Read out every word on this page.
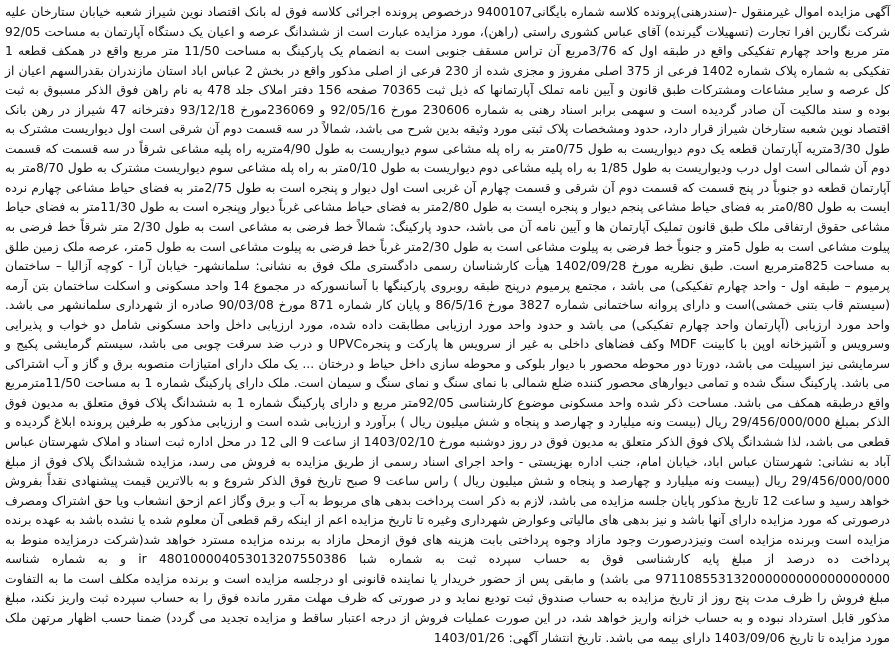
آگهی مزایده اموال غیرمنقول -(سندرهنی)پرونده کلاسه شماره بایگانی9400107 درخصوص پرونده اجرائی کلاسه فوق له بانک اقتصاد نوین شیراز شعبه خیابان ستارخان علیه شرکت نگارین افرا تجارت (تسهیلات گیرنده) آقای عباس کشوری راستی (راهن)، مورد مزایده عبارت است از ششدانگ عرصه و اعیان یک دستگاه آپارتمان به مساحت 92/05 متر مربع واحد چهارم تفکیکی واقع در طبقه اول که 3/76مربع آن تراس مسقف جنوبی است به انضمام یک پارکینگ به مساحت 11/50 متر مربع واقع در همکف قطعه 1 تفکیکی به شماره پلاک شماره 1402 فرعی از 375 اصلی مفروز و مجزی شده از 230 فرعی از اصلی مذکور واقع در بخش 2 عباس اباد استان مازندران بقدرالسهم اعیان از کل عرصه و سایر مشاعات ومشترکات طبق قانون و آیین نامه تملک آپارتمانها که ذیل ثبت 70365 صفحه 156 دفتر املاک جلد 478 به نام راهن فوق الذکر مسبوق به ثبت بوده و سند مالکیت آن صادر گردیده است و سهمی برابر اسناد رهنی به شماره 230606 مورخ 92/05/16 و 236069مورخ 93/12/18 دفترخانه 47 شیراز در رهن بانک اقتصاد نوین شعبه ستارخان شیراز قرار دارد، حدود ومشخصات پلاک ثبتی مورد وثیقه بدین شرح می باشد، شمالاً در سه قسمت دوم آن شرقی است اول دیواریست مشترک به طول 3/30متریه آپارتمان قطعه یک دوم دیواریست به طول 0/75متر به راه پله مشاعی سوم دیواریست به طول 4/90متریه راه پلیه مشاعی شرقاً در سه قسمت که قسمت دوم آن شمالی است اول درب ودیواریست به طول 1/85 به راه پلیه مشاعی دوم دیواریست به طول 0/10متر به راه پله مشاعی سوم دیواریست مشترک به طول 8/70متر به آپارتمان قطعه دو جنوباً در پنج قسمت که قسمت دوم آن شرقی و قسمت چهارم آن غربی است اول دیوار و پنجره است به طول 2/75متر به فضای حیاط مشاعی چهارم نرده ایست به طول 0/80متر به فضای حیاط مشاعی پنجم دیوار و پنجره ایست به طول 2/80متر به فضای حیاط مشاعی غرباً دیوار وپنجره است به طول 11/30متر به فضای حیاط مشاعی حقوق ارتفاقی ملک طبق قانون تملیک آپارتمان ها و آیین نامه آن می باشد، حدود پارکینگ: شمالاً خط فرضی به مشاعی است به طول 2/30 متر شرقاً خط فرضی به پیلوت مشاعی است به طول 5متر و جنوباً خط فرضی به پیلوت مشاعی است به طول 2/30متر غرباً خط فرضی به پیلوت مشاعی است به طول 5متر، عرصه ملک زمین طلق به مساحت 825مترمربع است. طبق نظریه مورخ 1402/09/28 هیأت کارشناسان رسمی دادگستری ملک فوق به نشانی: سلمانشهر- خیابان آرا - کوچه آزالیا – ساختمان پرمیوم – طبقه اول - واحد چهارم تفکیکی) می باشد ، مجتمع پرمیوم درپنج طبقه روبروی پارکینگها با آسانسورکه در مجموع 14 واحد مسکونی و اسکلت ساختمان بتن آرمه (سیستم قاب بتنی خمشی)است و دارای پروانه ساختمانی شماره 3827 مورخ 86/5/16 و پایان کار شماره 871 مورخ 90/03/08 صادره از شهرداری سلمانشهر می باشد. واحد مورد ارزیابی (آپارتمان واحد چهارم تفکیکی) می باشد و حدود واحد مورد ارزیابی مطابقت داده شده، مورد ارزیابی داخل واحد مسکونی شامل دو خواب و پذیرایی وسرویس و آشپزخانه اوپن با کابینت MDF وکف فضاهای داخلی به غیر از سرویس ها پارکت و پنجرهUPVC و درب ضد سرقت چوبی می باشد، سیستم گرمایشی پکیج و سرمایشی نیز اسپیلت می باشد، دورتا دور محوطه محصور با دیوار بلوکی و محوطه سازی داخل حیاط و درختان ... یک ملک دارای امتیازات منصوبه برق و گاز و آب اشتراکی می باشد. پارکینگ سنگ شده و تمامی دیوارهای محصور کننده ضلع شمالی با نمای سنگ و نمای سنگ و سیمان است. ملک دارای پارکینگ شماره 1 به مساحت 11/50مترمربع واقع درطبقه همکف می باشد. مساحت ذکر شده واحد مسکونی موضوع کارشناسی 92/05متر مربع و دارای پارکینگ شماره 1 به ششدانگ پلاک فوق متعلق به مدیون فوق الذکر بمبلغ 29/456/000/000 ریال (بیست ونه میلیارد و چهارصد و پنجاه و شش میلیون ریال ) برآورد و ارزیابی شده است و ارزیابی مذکور به طرفین پرونده ابلاغ گردیده و قطعی می باشد، لذا ششدانگ پلاک فوق الذکر متعلق به مدیون فوق در روز دوشنبه مورخ 1403/02/10 از ساعت 9 الی 12 در محل اداره ثبت اسناد و املاک شهرستان عباس آباد به نشانی: شهرستان عباس اباد، خیابان امام، جنب اداره بهزیستی - واحد اجرای اسناد رسمی از طریق مزایده به فروش می رسد، مزایده ششدانگ پلاک فوق از مبلغ 29/456/000/000 ریال (بیست ونه میلیارد و چهارصد و پنجاه و شش میلیون ریال ) راس ساعت 9 صبح تاریخ فوق الذکر شروع و به بالاترین قیمت پیشنهادی نقداً بفروش خواهد رسید و ساعت 12 تاریخ مذکور پایان جلسه مزایده می باشد، لازم به ذکر است پرداخت بدهی های مربوط به آب و برق وگاز اعم ازحق انشعاب ویا حق اشتراک ومصرف درصورتی که مورد مزایده دارای آنها باشد و نیز بدهی های مالیاتی وعوارض شهرداری وغیره تا تاریخ مزایده اعم از اینکه رقم قطعی آن معلوم شده یا نشده باشد به عهده برنده مزایده است وبرنده مزایده است ونیزدرصورت وجود مازاد وجوه پرداختی بابت هزینه های فوق ازمحل مازاد به برنده مزایده مسترد خواهد شد(شرکت درمزایده منوط به پرداخت ده درصد از مبلغ پایه کارشناسی فوق به حساب سپرده ثبت به شماره شبا ir 480100004053013207550386 و به شماره شناسه 971108553132000000000000000000 می باشد) و مابقی پس از حضور خریدار یا نماینده قانونی او درجلسه مزایده است و برنده مزایده مکلف است ما به التفاوت مبلغ فروش را ظرف مدت پنج روز از تاریخ مزایده به حساب صندوق ثبت تودیع نماید و در صورتی که ظرف مهلت مقرر مانده فوق را به حساب سپرده ثبت واریز نکند، مبلغ مذکور قابل استرداد نبوده و به حساب خزانه واریز خواهد شد، در این صورت عملیات فروش از درجه اعتبار ساقط و مزایده تجدید می گردد) ضمنا حسب اظهار مرتهن ملک مورد مزایده تا تاریخ 1403/09/06 دارای بیمه می باشد. تاریخ انتشار آگهی: 1403/01/26
